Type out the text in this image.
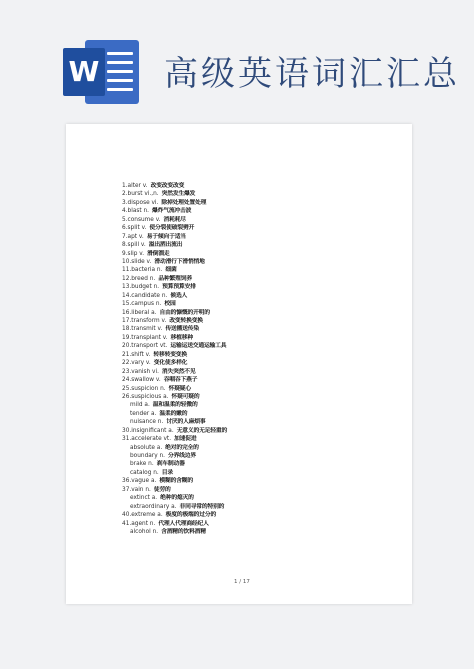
W 高级英语词汇汇总
1.alter v. 改变改变改变
2.burst vi.,n. 突然发生爆发
3.dispose vi. 除掉处理处置处理
4.blast n. 爆炸气流冲击波
5.consume v. 消耗耗尽
6.split v. 使分裂使破裂劈开
7.apt v. 易于倾向于适当
8.spill v. 溢出洒出流出
9.slip v. 滑倒溜走
10.slide v. 滑动滑行下滑悄悄地
11.bacteria n. 细菌
12.breed n. 品种繁殖饲养
13.budget n. 预算预算安排
14.candidate n. 候选人
15.campus n. 校园
16.liberal a. 自由的慷慨的开明的
17.transform v. 改变转换变换
18.transmit v. 传送播送传染
19.transplant v. 移植移种
20.transport vt. 运输运送交通运输工具
21.shift v. 转移转变变换
22.vary v. 变化使多样化
23.vanish vi. 消失突然不见
24.swallow v. 吞咽吞下燕子
25.suspicion n. 怀疑疑心
26.suspicious a. 怀疑可疑的
mild a. 温和温柔的轻微的
tender a. 温柔的嫩的
nuisance n. 讨厌的人麻烦事
30.insignificant a. 无意义的无足轻重的
31.accelerate vt. 加速促进
absolute a. 绝对的完全的
boundary n. 分界线边界
brake n. 刹车制动器
catalog n. 目录
36.vague a. 模糊的含糊的
37.vain n. 徒劳的
extinct a. 绝种的熄灭的
extraordinary a. 非同寻常的特别的
40.extreme a. 极度的极端的过分的
41.agent n. 代理人代理商经纪人
alcohol n. 含酒精的饮料酒精
1 / 17
